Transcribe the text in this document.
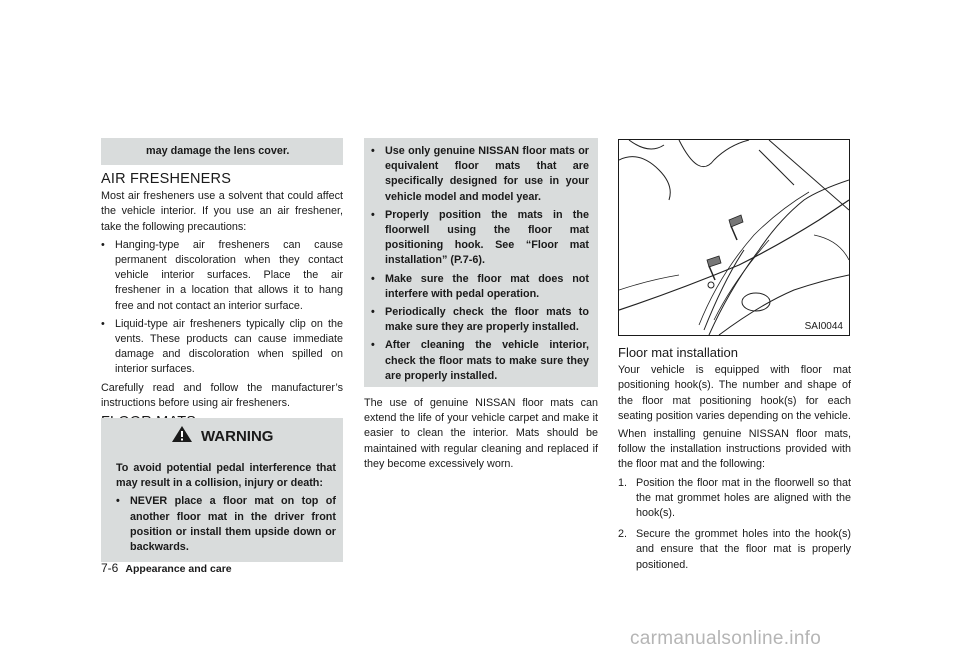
may damage the lens cover.
AIR FRESHENERS

Most air fresheners use a solvent that could affect the vehicle interior. If you use an air freshener, take the following precautions:

• Hanging-type air fresheners can cause permanent discoloration when they contact vehicle interior surfaces. Place the air freshener in a location that allows it to hang free and not contact an interior surface.
• Liquid-type air fresheners typically clip on the vents. These products can cause immediate damage and discoloration when spilled on interior surfaces.

Carefully read and follow the manufacturer’s instructions before using air fresheners.

WARNING

To avoid potential pedal interference that may result in a collision, injury or death:

• NEVER place a floor mat on top of another floor mat in the driver front position or install them upside down or backwards.
• Use only genuine NISSAN floor mats or equivalent floor mats that are specifically designed for use in your vehicle model and model year.
• Properly position the mats in the floorwell using the floor mat positioning hook. See “Floor mat installation” (P.7-6).
• Make sure the floor mat does not interfere with pedal operation.
• Periodically check the floor mats to make sure they are properly installed.
• After cleaning the vehicle interior, check the floor mats to make sure they are properly installed.

The use of genuine NISSAN floor mats can extend the life of your vehicle carpet and make it easier to clean the interior. Mats should be maintained with regular cleaning and replaced if they become excessively worn.

SAI0044
Floor mat installation

Your vehicle is equipped with floor mat positioning hook(s). The number and shape of the floor mat positioning hook(s) for each seating position varies depending on the vehicle.

When installing genuine NISSAN floor mats, follow the installation instructions provided with the floor mat and the following:

1. Position the floor mat in the floorwell so that the mat grommet holes are aligned with the hook(s).
2. Secure the grommet holes into the hook(s) and ensure that the floor mat is properly positioned.
7-6 Appearance and care
carmanualsonline.info
